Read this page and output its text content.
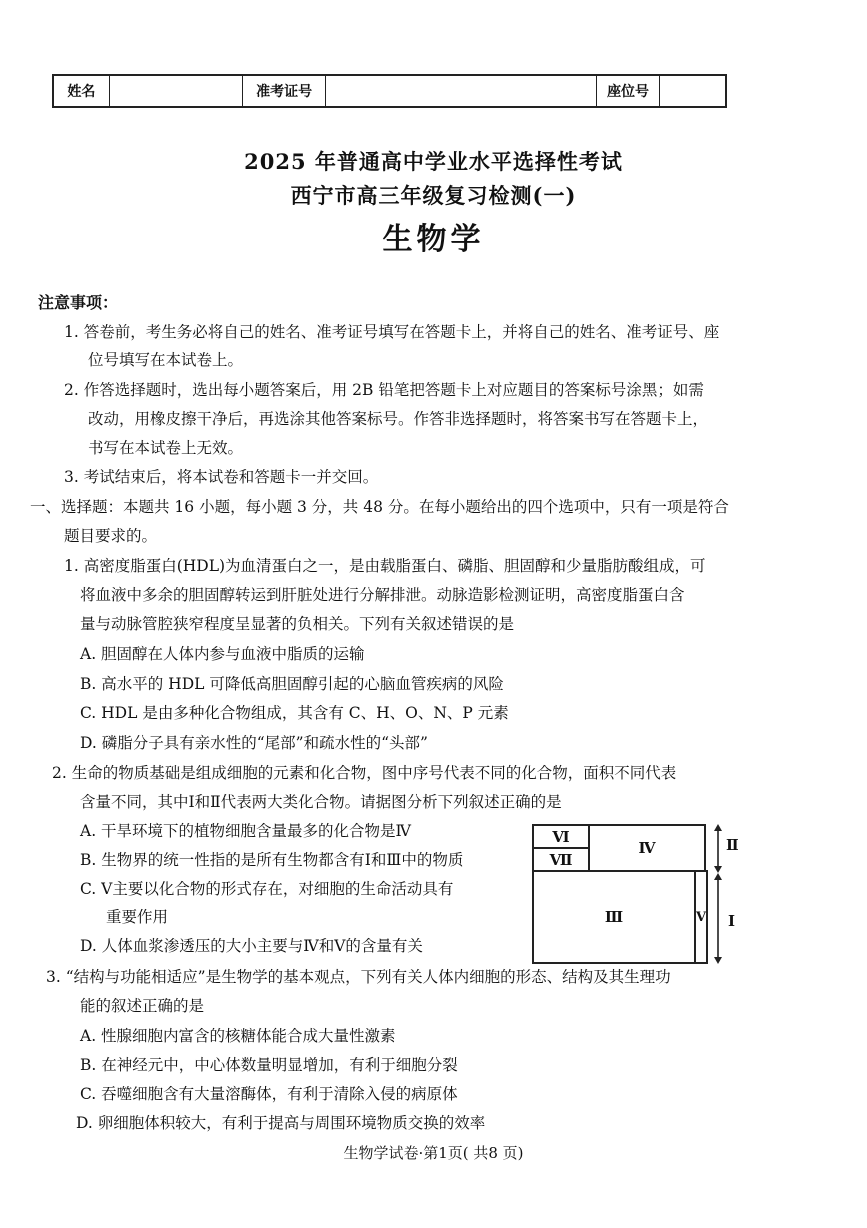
姓名	准考证号	座位号
2025 年普通高中学业水平选择性考试
西宁市高三年级复习检测(一)
生物学
注意事项：
1. 答卷前，考生务必将自己的姓名、准考证号填写在答题卡上，并将自己的姓名、准考证号、座
位号填写在本试卷上。
2. 作答选择题时，选出每小题答案后，用 2B 铅笔把答题卡上对应题目的答案标号涂黑；如需
改动，用橡皮擦干净后，再选涂其他答案标号。作答非选择题时，将答案书写在答题卡上，
书写在本试卷上无效。
3. 考试结束后，将本试卷和答题卡一并交回。
一、选择题：本题共 16 小题，每小题 3 分，共 48 分。在每小题给出的四个选项中，只有一项是符合
题目要求的。
1. 高密度脂蛋白(HDL)为血清蛋白之一，是由载脂蛋白、磷脂、胆固醇和少量脂肪酸组成，可
将血液中多余的胆固醇转运到肝脏处进行分解排泄。动脉造影检测证明，高密度脂蛋白含
量与动脉管腔狭窄程度呈显著的负相关。下列有关叙述错误的是
A. 胆固醇在人体内参与血液中脂质的运输
B. 高水平的 HDL 可降低高胆固醇引起的心脑血管疾病的风险
C. HDL 是由多种化合物组成，其含有 C、H、O、N、P 元素
D. 磷脂分子具有亲水性的“尾部”和疏水性的“头部”
2. 生命的物质基础是组成细胞的元素和化合物，图中序号代表不同的化合物，面积不同代表
含量不同，其中Ⅰ和Ⅱ代表两大类化合物。请据图分析下列叙述正确的是
A. 干旱环境下的植物细胞含量最多的化合物是Ⅳ
B. 生物界的统一性指的是所有生物都含有Ⅰ和Ⅲ中的物质
C. Ⅴ主要以化合物的形式存在，对细胞的生命活动具有
重要作用
D. 人体血浆渗透压的大小主要与Ⅳ和Ⅴ的含量有关
Ⅵ
Ⅶ
Ⅳ
Ⅲ	Ⅴ
Ⅱ
Ⅰ
3. “结构与功能相适应”是生物学的基本观点，下列有关人体内细胞的形态、结构及其生理功
能的叙述正确的是
A. 性腺细胞内富含的核糖体能合成大量性激素
B. 在神经元中，中心体数量明显增加，有利于细胞分裂
C. 吞噬细胞含有大量溶酶体，有利于清除入侵的病原体
D. 卵细胞体积较大，有利于提高与周围环境物质交换的效率
生物学试卷·第1页( 共8 页)
